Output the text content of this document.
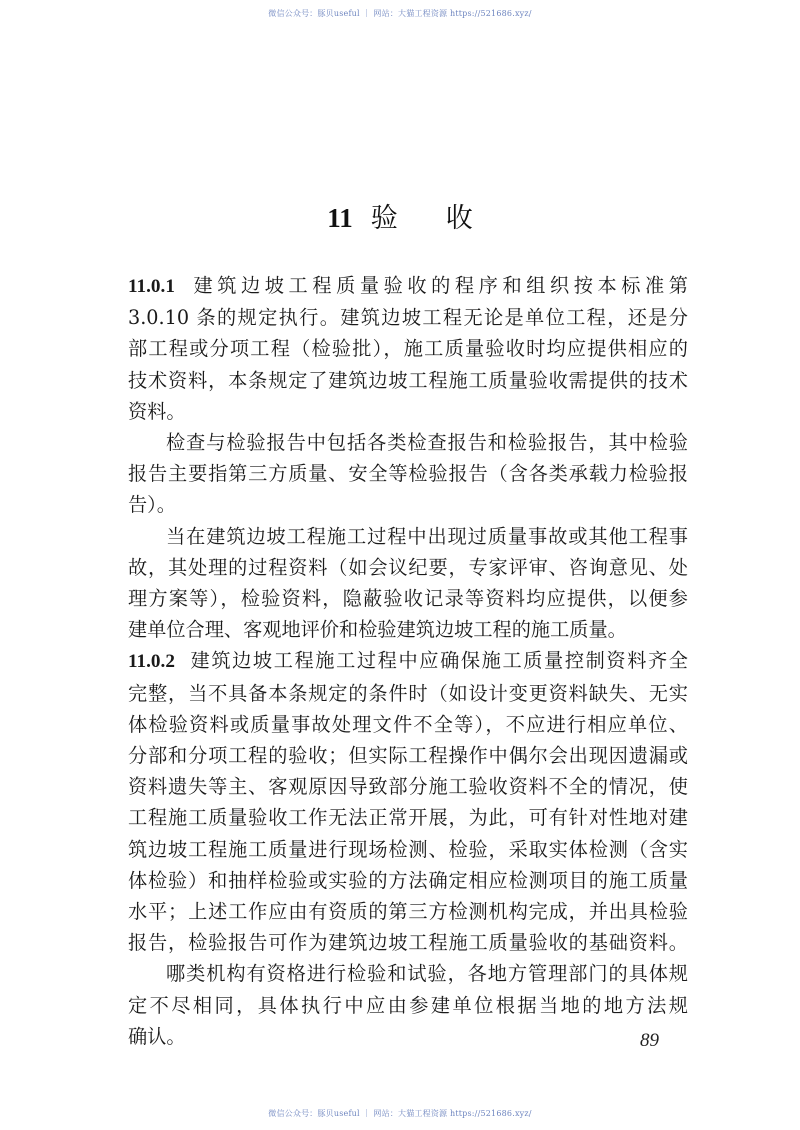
微信公众号：豚贝useful ｜ 网站：大猫工程资源 https://521686.xyz/
11 验 收
11.0.1 建筑边坡工程质量验收的程序和组织按本标准第
3.0.10 条的规定执行。建筑边坡工程无论是单位工程，还是分
部工程或分项工程（检验批），施工质量验收时均应提供相应的
技术资料，本条规定了建筑边坡工程施工质量验收需提供的技术
资料。
检查与检验报告中包括各类检查报告和检验报告，其中检验
报告主要指第三方质量、安全等检验报告（含各类承载力检验报
告）。
当在建筑边坡工程施工过程中出现过质量事故或其他工程事
故，其处理的过程资料（如会议纪要，专家评审、咨询意见、处
理方案等），检验资料，隐蔽验收记录等资料均应提供，以便参
建单位合理、客观地评价和检验建筑边坡工程的施工质量。
11.0.2 建筑边坡工程施工过程中应确保施工质量控制资料齐全
完整，当不具备本条规定的条件时（如设计变更资料缺失、无实
体检验资料或质量事故处理文件不全等），不应进行相应单位、
分部和分项工程的验收；但实际工程操作中偶尔会出现因遗漏或
资料遗失等主、客观原因导致部分施工验收资料不全的情况，使
工程施工质量验收工作无法正常开展，为此，可有针对性地对建
筑边坡工程施工质量进行现场检测、检验，采取实体检测（含实
体检验）和抽样检验或实验的方法确定相应检测项目的施工质量
水平；上述工作应由有资质的第三方检测机构完成，并出具检验
报告，检验报告可作为建筑边坡工程施工质量验收的基础资料。
哪类机构有资格进行检验和试验，各地方管理部门的具体规
定不尽相同，具体执行中应由参建单位根据当地的地方法规
确认。	89
微信公众号：豚贝useful ｜ 网站：大猫工程资源 https://521686.xyz/
